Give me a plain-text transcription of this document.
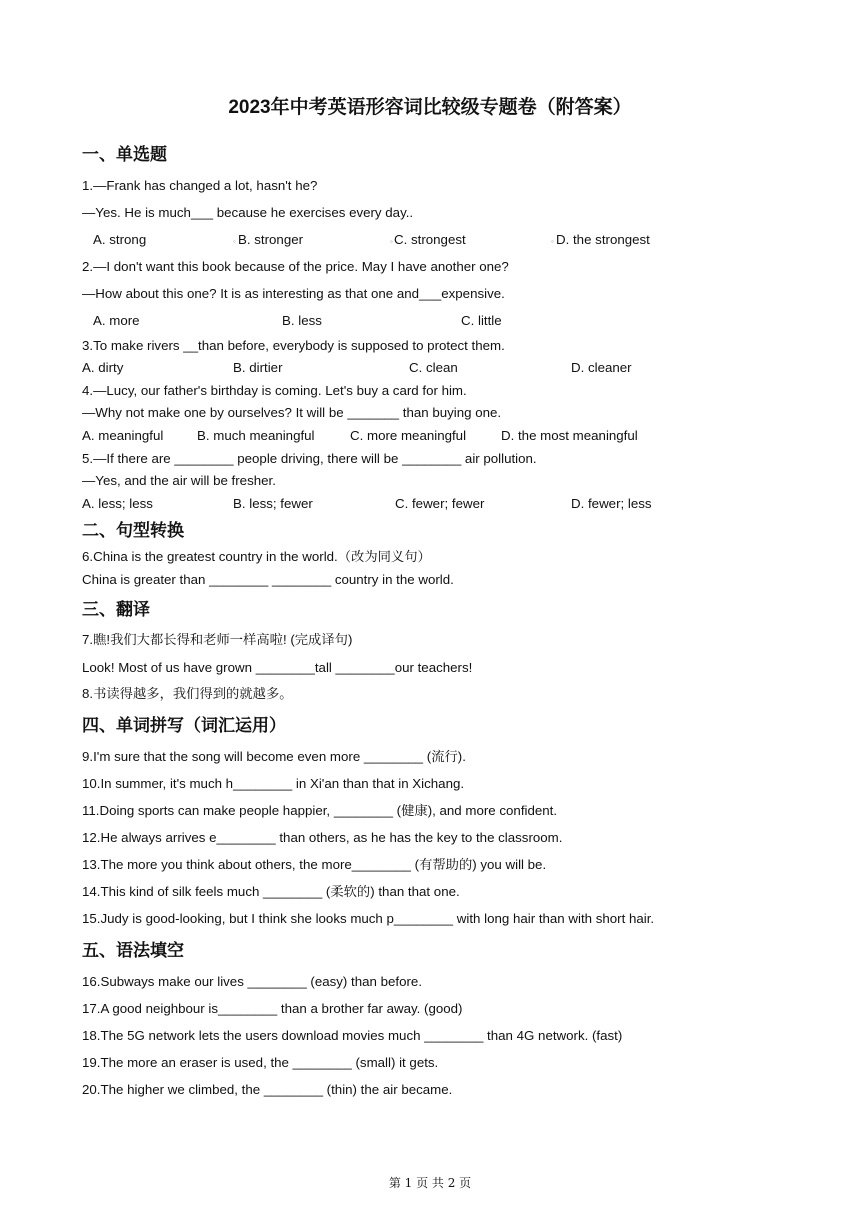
2023年中考英语形容词比较级专题卷（附答案）
一、单选题
1.—Frank has changed a lot, hasn't he?
—Yes. He is much___ because he exercises every day..
A. strong	◦ B. stronger	◦ C. strongest	◦ D. the strongest
2.—I don't want this book because of the price. May I have another one?
—How about this one? It is as interesting as that one and___expensive.
A. more	B. less	C. little
3.To make rivers __than before, everybody is supposed to protect them.
A. dirty	B. dirtier	C. clean	D. cleaner
4.—Lucy, our father's birthday is coming. Let's buy a card for him.
—Why not make one by ourselves? It will be _______ than buying one.
A. meaningful	B. much meaningful	C. more meaningful	D. the most meaningful
5.—If there are ________ people driving, there will be ________ air pollution.
—Yes, and the air will be fresher.
A. less; less	B. less; fewer	C. fewer; fewer	D. fewer; less
二、句型转换
6.China is the greatest country in the world.（改为同义句）
China is greater than ________ ________ country in the world.
三、翻译
7.瞧!我们大都长得和老师一样高啦! (完成译句)
Look! Most of us have grown ________tall ________our teachers!
8.书读得越多，我们得到的就越多。
四、单词拼写（词汇运用）
9.I'm sure that the song will become even more ________ (流行).
10.In summer, it's much h________ in Xi'an than that in Xichang.
11.Doing sports can make people happier, ________ (健康), and more confident.
12.He always arrives e________ than others, as he has the key to the classroom.
13.The more you think about others, the more________ (有帮助的) you will be.
14.This kind of silk feels much ________ (柔软的) than that one.
15.Judy is good-looking, but I think she looks much p________ with long hair than with short hair.
五、语法填空
16.Subways make our lives ________ (easy) than before.
17.A good neighbour is________ than a brother far away. (good)
18.The 5G network lets the users download movies much ________ than 4G network. (fast)
19.The more an eraser is used, the ________ (small) it gets.
20.The higher we climbed, the ________ (thin) the air became.
第 1 页 共 2 页
